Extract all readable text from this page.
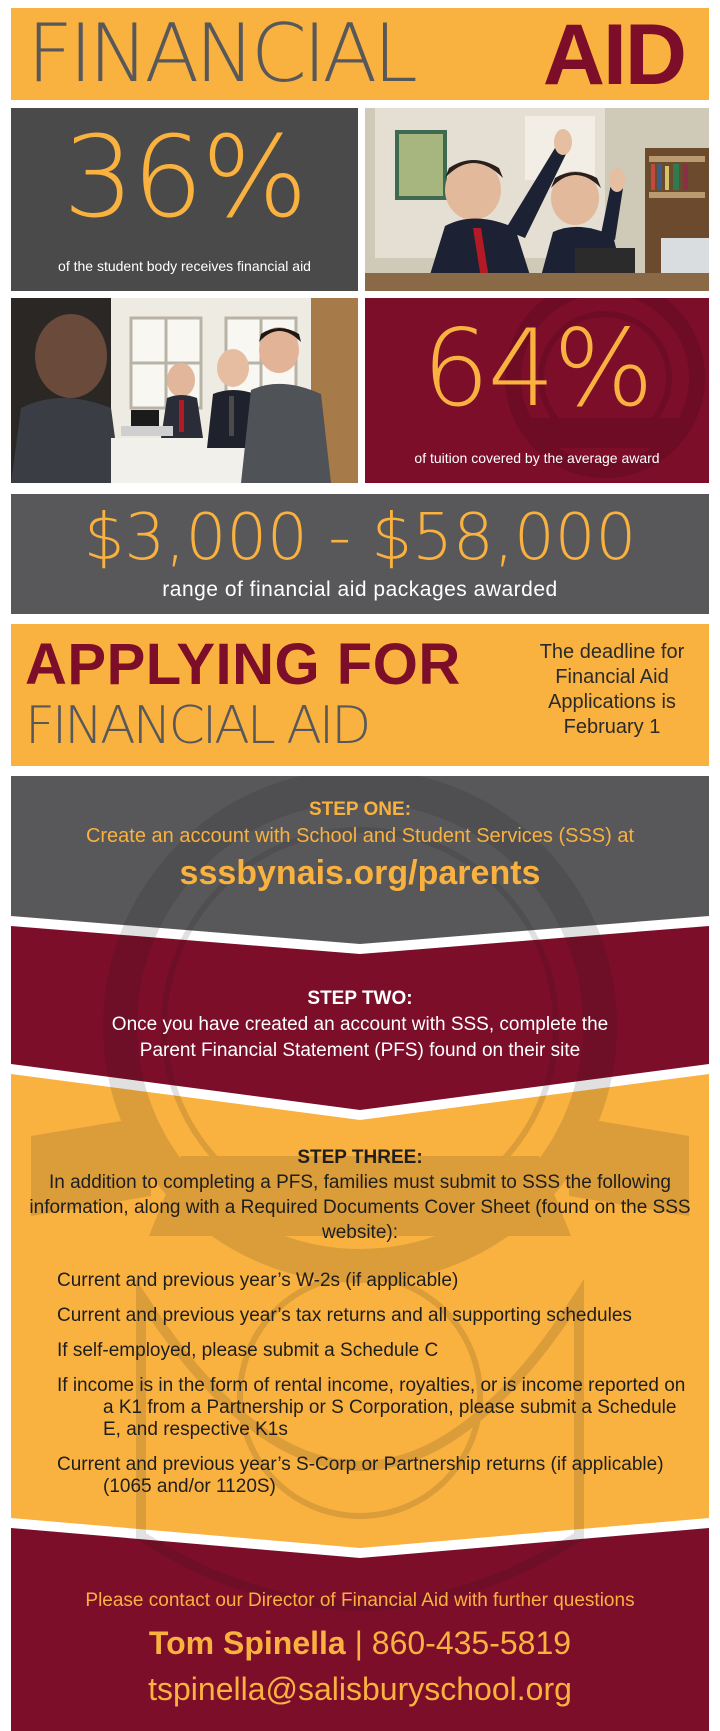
FINANCIAL AID
36%
of the student body receives financial aid
64%
of tuition covered by the average award
$3,000 - $58,000
range of financial aid packages awarded
APPLYING FOR
FINANCIAL AID
The deadline for Financial Aid Applications is February 1
STEP ONE:
Create an account with School and Student Services (SSS) at
sssbynais.org/parents
STEP TWO:
Once you have created an account with SSS, complete the Parent Financial Statement (PFS) found on their site
STEP THREE:
In addition to completing a PFS, families must submit to SSS the following information, along with a Required Documents Cover Sheet (found on the SSS website):
Current and previous year’s W-2s (if applicable)
Current and previous year’s tax returns and all supporting schedules
If self-employed, please submit a Schedule C
If income is in the form of rental income, royalties, or is income reported on a K1 from a Partnership or S Corporation, please submit a Schedule E, and respective K1s
Current and previous year’s S-Corp or Partnership returns (if applicable) (1065 and/or 1120S)
Please contact our Director of Financial Aid with further questions
Tom Spinella | 860-435-5819
tspinella@salisburyschool.org
